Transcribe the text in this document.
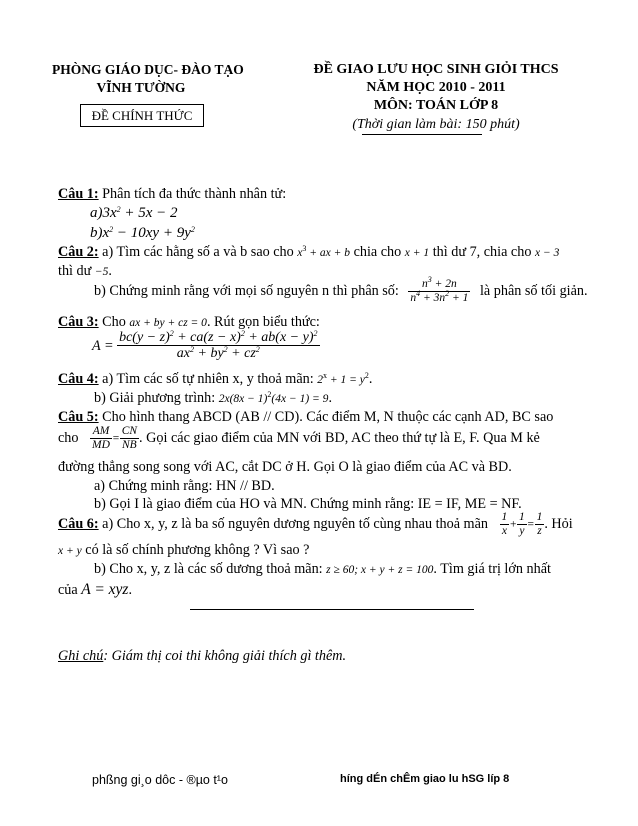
PHÒNG GIÁO DỤC- ĐÀO TẠO
VĨNH TƯỜNG
ĐỀ CHÍNH THỨC
ĐỀ GIAO LƯU HỌC SINH GIỎI THCS
NĂM HỌC 2010 - 2011
MÔN: TOÁN LỚP 8
(Thời gian làm bài: 150 phút)
Câu 1: Phân tích đa thức thành nhân tử:
$a)3x^2 + 5x - 2$
$b)x^2 - 10xy + 9y^2$
Câu 2: a) Tìm các hằng số a và b sao cho $x^3$ + ax + b chia cho x + 1 thì dư 7, chia cho x − 3
thì dư −5.
b) Chứng minh rằng với mọi số nguyên n thì phân số: $\frac{n^3 + 2n}{n^4 + 3n^2 + 1}$ là phân số tối giản.
Câu 3: Cho ax + by + cz = 0. Rút gọn biểu thức:
$A = \frac{bc(y - z)^2 + ca(z - x)^2 + ab(x - y)^2}{ax^2 + by^2 + cz^2}$
Câu 4: a) Tìm các số tự nhiên x, y thoả mãn: $2^x + 1 = y^2$.
b) Giải phương trình: $2x(8x - 1)^2(4x - 1) = 9$.
Câu 5: Cho hình thang ABCD (AB // CD). Các điểm M, N thuộc các cạnh AD, BC sao
cho $\frac{AM}{MD} = \frac{CN}{NB}$ . Gọi các giao điểm của MN với BD, AC theo thứ tự là E, F. Qua M kẻ
đường thẳng song song với AC, cắt DC ở H. Gọi O là giao điểm của AC và BD.
a) Chứng minh rằng: HN // BD.
b) Gọi I là giao điểm của HO và MN. Chứng minh rằng: IE = IF, ME = NF.
Câu 6: a) Cho x, y, z là ba số nguyên dương nguyên tố cùng nhau thoả mãn $\frac{1}{x} + \frac{1}{y} = \frac{1}{z}$ . Hỏi
x + y có là số chính phương không ? Vì sao ?
b) Cho x, y, z là các số dương thoả mãn: z ≥ 60; x + y + z = 100. Tìm giá trị lớn nhất
của A = xyz.
Ghi chú: Giám thị coi thi không giải thích gì thêm.
phßng gi¸o dôc - ®µo t¹o	híng dÉn chÊm giao lu hSG líp 8
